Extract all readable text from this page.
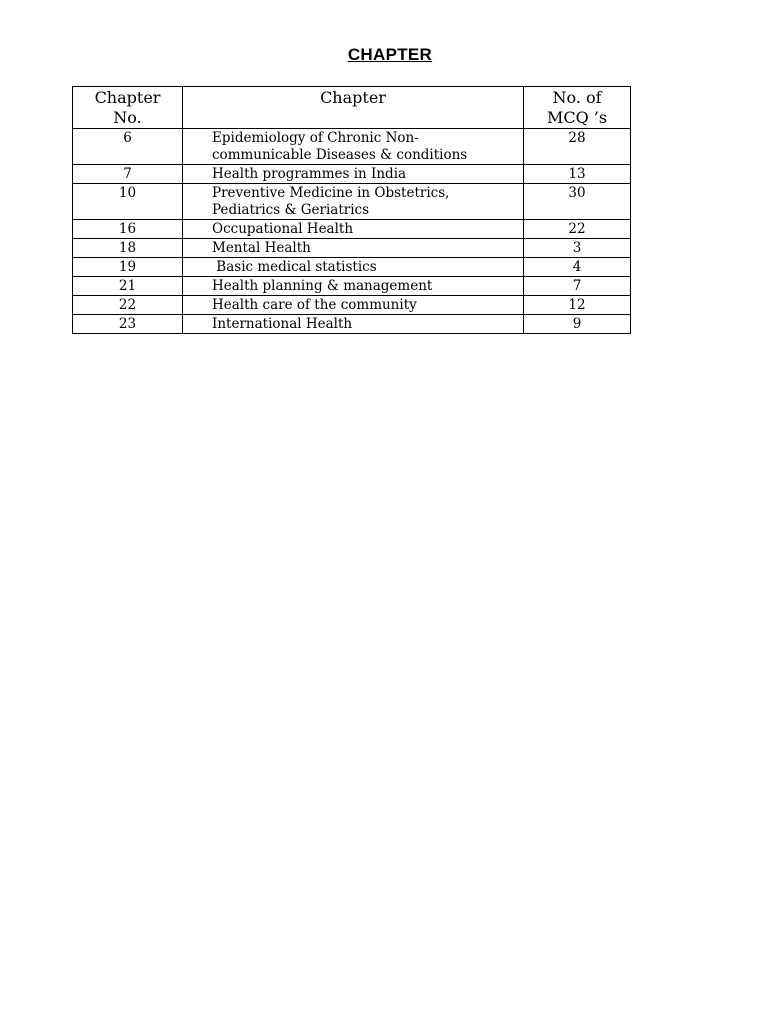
CHAPTER
Chapter No.	Chapter	No. of MCQ ’s
6	Epidemiology of Chronic Non-communicable Diseases & conditions	28
7	Health programmes in India	13
10	Preventive Medicine in Obstetrics, Pediatrics & Geriatrics	30
16	Occupational Health	22
18	Mental Health	3
19	Basic medical statistics	4
21	Health planning & management	7
22	Health care of the community	12
23	International Health	9
